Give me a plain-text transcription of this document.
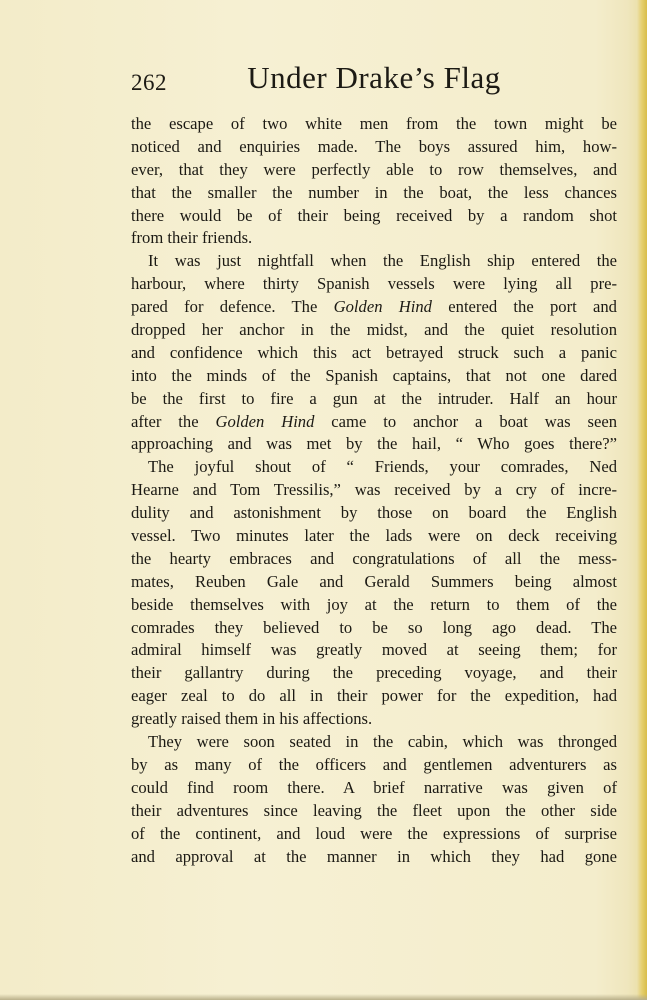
262	Under Drake’s Flag
the escape of two white men from the town might be
noticed and enquiries made. The boys assured him, how-
ever, that they were perfectly able to row themselves, and
that the smaller the number in the boat, the less chances
there would be of their being received by a random shot
from their friends.
It was just nightfall when the English ship entered the
harbour, where thirty Spanish vessels were lying all pre-
pared for defence. The Golden Hind entered the port and
dropped her anchor in the midst, and the quiet resolution
and confidence which this act betrayed struck such a panic
into the minds of the Spanish captains, that not one dared
be the first to fire a gun at the intruder. Half an hour
after the Golden Hind came to anchor a boat was seen
approaching and was met by the hail, “ Who goes there?”
The joyful shout of “ Friends, your comrades, Ned
Hearne and Tom Tressilis,” was received by a cry of incre-
dulity and astonishment by those on board the English
vessel. Two minutes later the lads were on deck receiving
the hearty embraces and congratulations of all the mess-
mates, Reuben Gale and Gerald Summers being almost
beside themselves with joy at the return to them of the
comrades they believed to be so long ago dead. The
admiral himself was greatly moved at seeing them; for
their gallantry during the preceding voyage, and their
eager zeal to do all in their power for the expedition, had
greatly raised them in his affections.
They were soon seated in the cabin, which was thronged
by as many of the officers and gentlemen adventurers as
could find room there. A brief narrative was given of
their adventures since leaving the fleet upon the other side
of the continent, and loud were the expressions of surprise
and approval at the manner in which they had gone
